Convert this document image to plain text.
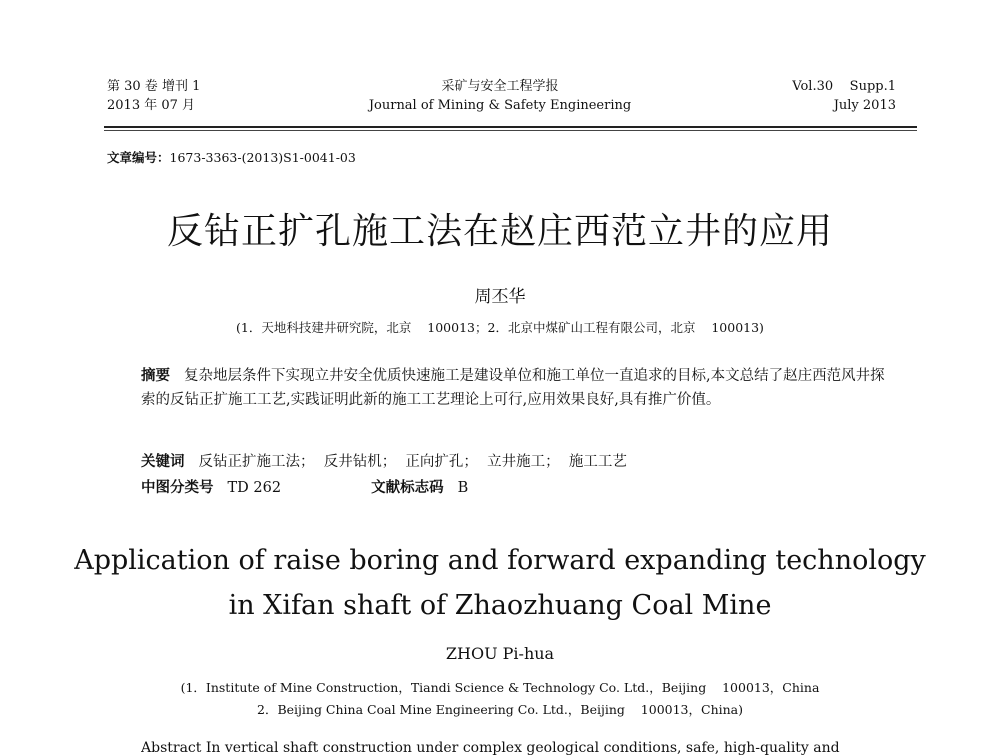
第 30 卷 增刊 1
2013 年 07 月
采矿与安全工程学报
Journal of Mining & Safety Engineering
Vol.30    Supp.1
July 2013
文章编号：1673-3363-(2013)S1-0041-03
反钻正扩孔施工法在赵庄西范立井的应用
周丕华
(1．天地科技建井研究院，北京    100013；2．北京中煤矿山工程有限公司，北京    100013)
摘要 复杂地层条件下实现立井安全优质快速施工是建设单位和施工单位一直追求的目标,本文总结了赵庄西范风井探索的反钻正扩施工工艺,实践证明此新的施工工艺理论上可行,应用效果良好,具有推广价值。
关键词 反钻正扩施工法；  反井钻机；  正向扩孔；  立井施工；  施工工艺
中图分类号 TD 262	文献标志码 B
Application of raise boring and forward expanding technology
in Xifan shaft of Zhaozhuang Coal Mine
ZHOU Pi-hua
(1．Institute of Mine Construction，Tiandi Science & Technology Co. Ltd.，Beijing    100013，China
2．Beijing China Coal Mine Engineering Co. Ltd.，Beijing    100013，China)
Abstract In vertical shaft construction under complex geological conditions, safe, high-quality and
